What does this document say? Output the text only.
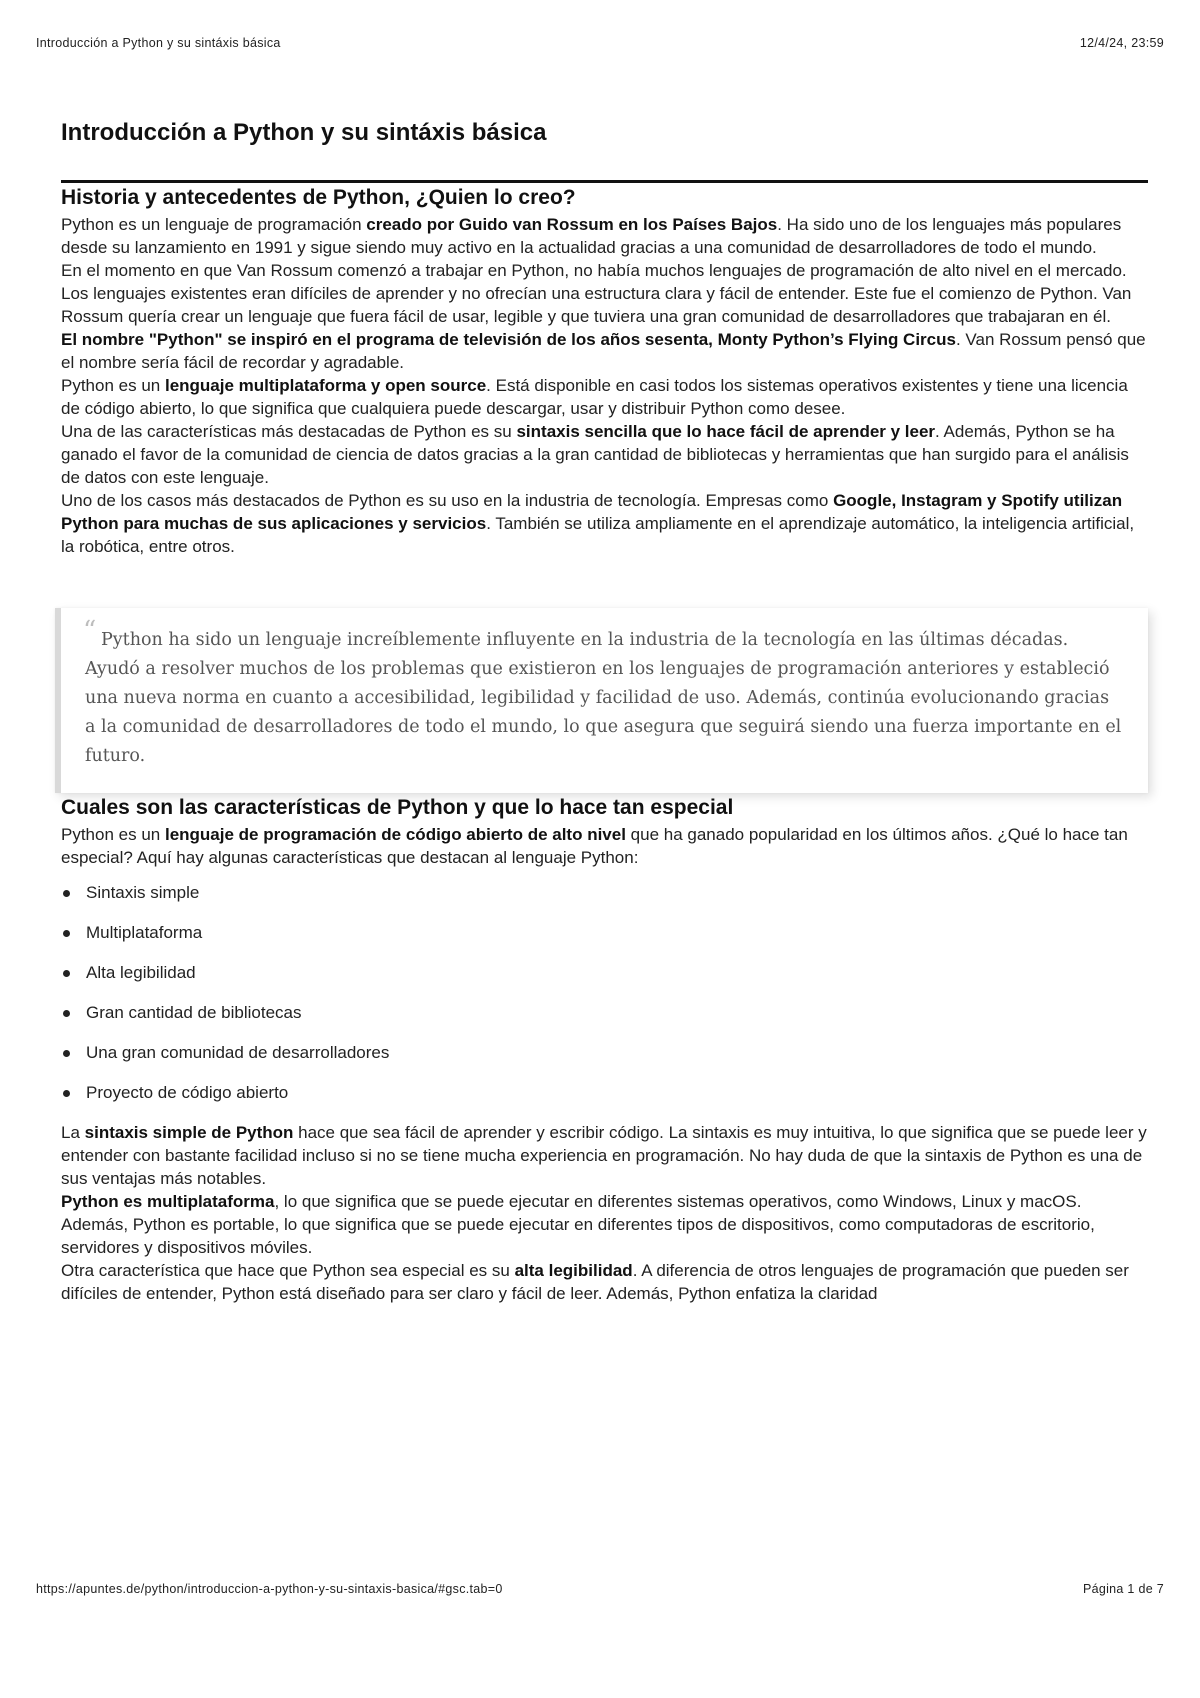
Introducción a Python y su sintáxis básica	12/4/24, 23:59
Introducción a Python y su sintáxis básica
Historia y antecedentes de Python, ¿Quien lo creo?

Python es un lenguaje de programación creado por Guido van Rossum en los Países Bajos. Ha sido uno de los lenguajes más populares desde su lanzamiento en 1991 y sigue siendo muy activo en la actualidad gracias a una comunidad de desarrolladores de todo el mundo.

En el momento en que Van Rossum comenzó a trabajar en Python, no había muchos lenguajes de programación de alto nivel en el mercado. Los lenguajes existentes eran difíciles de aprender y no ofrecían una estructura clara y fácil de entender. Este fue el comienzo de Python. Van Rossum quería crear un lenguaje que fuera fácil de usar, legible y que tuviera una gran comunidad de desarrolladores que trabajaran en él.

El nombre "Python" se inspiró en el programa de televisión de los años sesenta, Monty Python’s Flying Circus. Van Rossum pensó que el nombre sería fácil de recordar y agradable.

Python es un lenguaje multiplataforma y open source. Está disponible en casi todos los sistemas operativos existentes y tiene una licencia de código abierto, lo que significa que cualquiera puede descargar, usar y distribuir Python como desee.

Una de las características más destacadas de Python es su sintaxis sencilla que lo hace fácil de aprender y leer. Además, Python se ha ganado el favor de la comunidad de ciencia de datos gracias a la gran cantidad de bibliotecas y herramientas que han surgido para el análisis de datos con este lenguaje.

Uno de los casos más destacados de Python es su uso en la industria de tecnología. Empresas como Google, Instagram y Spotify utilizan Python para muchas de sus aplicaciones y servicios. También se utiliza ampliamente en el aprendizaje automático, la inteligencia artificial, la robótica, entre otros.

“ Python ha sido un lenguaje increíblemente influyente en la industria de la tecnología en las últimas décadas. Ayudó a resolver muchos de los problemas que existieron en los lenguajes de programación anteriores y estableció una nueva norma en cuanto a accesibilidad, legibilidad y facilidad de uso. Además, continúa evolucionando gracias a la comunidad de desarrolladores de todo el mundo, lo que asegura que seguirá siendo una fuerza importante en el futuro.

Cuales son las características de Python y que lo hace tan especial

Python es un lenguaje de programación de código abierto de alto nivel que ha ganado popularidad en los últimos años. ¿Qué lo hace tan especial? Aquí hay algunas características que destacan al lenguaje Python:

Sintaxis simple
Multiplataforma
Alta legibilidad
Gran cantidad de bibliotecas
Una gran comunidad de desarrolladores
Proyecto de código abierto

La sintaxis simple de Python hace que sea fácil de aprender y escribir código. La sintaxis es muy intuitiva, lo que significa que se puede leer y entender con bastante facilidad incluso si no se tiene mucha experiencia en programación. No hay duda de que la sintaxis de Python es una de sus ventajas más notables.

Python es multiplataforma, lo que significa que se puede ejecutar en diferentes sistemas operativos, como Windows, Linux y macOS. Además, Python es portable, lo que significa que se puede ejecutar en diferentes tipos de dispositivos, como computadoras de escritorio, servidores y dispositivos móviles.

Otra característica que hace que Python sea especial es su alta legibilidad. A diferencia de otros lenguajes de programación que pueden ser difíciles de entender, Python está diseñado para ser claro y fácil de leer. Además, Python enfatiza la claridad

https://apuntes.de/python/introduccion-a-python-y-su-sintaxis-basica/#gsc.tab=0	Página 1 de 7
